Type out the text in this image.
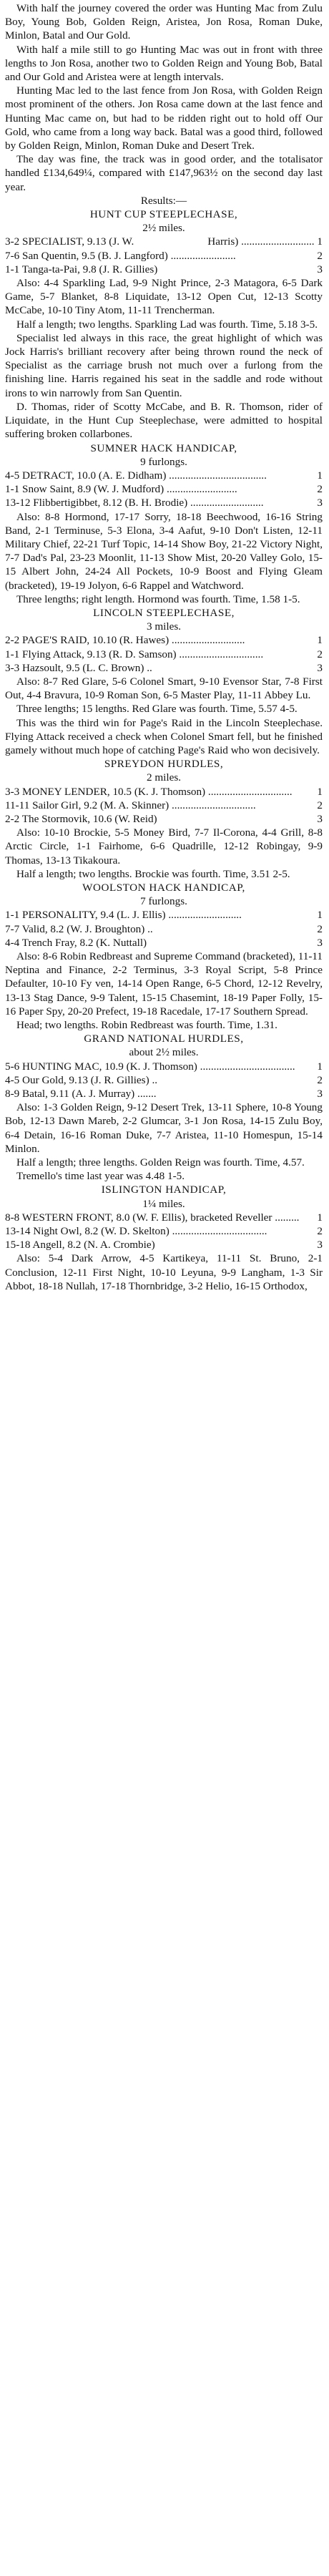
With half the journey covered the order was Hunting Mac from Zulu Boy, Young Bob, Golden Reign, Aristea, Jon Rosa, Roman Duke, Minlon, Batal and Our Gold.

With half a mile still to go Hunting Mac was out in front with three lengths to Jon Rosa, another two to Golden Reign and Young Bob, Batal and Our Gold and Aristea were at length intervals.

Hunting Mac led to the last fence from Jon Rosa, with Golden Reign most prominent of the others. Jon Rosa came down at the last fence and Hunting Mac came on, but had to be ridden right out to hold off Our Gold, who came from a long way back. Batal was a good third, followed by Golden Reign, Minlon, Roman Duke and Desert Trek.

The day was fine, the track was in good order, and the totalisator handled £134,649¼, compared with £147,963½ on the second day last year.

Results:—

HUNT CUP STEEPLECHASE,

2½ miles.

3-2 SPECIALIST, 9.13 (J. W.	Harris) ........................... 1
7-6 San Quentin, 9.5 (B. J. Langford) ........................	2
1-1 Tanga-ta-Pai, 9.8 (J. R. Gillies)	3

Also: 4-4 Sparkling Lad, 9-9 Night Prince, 2-3 Matagora, 6-5 Dark Game, 5-7 Blanket, 8-8 Liquidate, 13-12 Open Cut, 12-13 Scotty McCabe, 10-10 Tiny Atom, 11-11 Trencherman.

Half a length; two lengths. Sparkling Lad was fourth. Time, 5.18 3-5.

Specialist led always in this race, the great highlight of which was Jock Harris's brilliant recovery after being thrown round the neck of Specialist as the carriage brush not much over a furlong from the finishing line. Harris regained his seat in the saddle and rode without irons to win narrowly from San Quentin.

D. Thomas, rider of Scotty McCabe, and B. R. Thomson, rider of Liquidate, in the Hunt Cup Steeplechase, were admitted to hospital suffering broken collarbones.

SUMNER HACK HANDICAP,

9 furlongs.

4-5 DETRACT, 10.0 (A. E. Didham) ....................................	1
1-1 Snow Saint, 8.9 (W. J. Mudford) ..........................	2
13-12 Flibbertigibbet, 8.12 (B. H. Brodie) ...........................	3

Also: 8-8 Hormond, 17-17 Sorry, 18-18 Beechwood, 16-16 String Band, 2-1 Terminuse, 5-3 Elona, 3-4 Aafut, 9-10 Don't Listen, 12-11 Military Chief, 22-21 Turf Topic, 14-14 Show Boy, 21-22 Victory Night, 7-7 Dad's Pal, 23-23 Moonlit, 11-13 Show Mist, 20-20 Valley Golo, 15-15 Albert John, 24-24 All Pockets, 10-9 Boost and Flying Gleam (bracketed), 19-19 Jolyon, 6-6 Rappel and Watchword.

Three lengths; right length. Hormond was fourth. Time, 1.58 1-5.

LINCOLN STEEPLECHASE,

3 miles.

2-2 PAGE'S RAID, 10.10 (R. Hawes) ...........................	1
1-1 Flying Attack, 9.13 (R. D. Samson) ...............................	2
3-3 Hazsoult, 9.5 (L. C. Brown) ..	3

Also: 8-7 Red Glare, 5-6 Colonel Smart, 9-10 Evensor Star, 7-8 First Out, 4-4 Bravura, 10-9 Roman Son, 6-5 Master Play, 11-11 Abbey Lu.

Three lengths; 15 lengths. Red Glare was fourth. Time, 5.57 4-5.

This was the third win for Page's Raid in the Lincoln Steeplechase. Flying Attack received a check when Colonel Smart fell, but he finished gamely without much hope of catching Page's Raid who won decisively.

SPREYDON HURDLES,

2 miles.

3-3 MONEY LENDER, 10.5 (K. J. Thomson) ...............................	1
11-11 Sailor Girl, 9.2 (M. A. Skinner) ...............................	2
2-2 The Stormovik, 10.6 (W. Reid)	3

Also: 10-10 Brockie, 5-5 Money Bird, 7-7 Il-Corona, 4-4 Grill, 8-8 Arctic Circle, 1-1 Fairhome, 6-6 Quadrille, 12-12 Robingay, 9-9 Thomas, 13-13 Tikakoura.

Half a length; two lengths. Brockie was fourth. Time, 3.51 2-5.

WOOLSTON HACK HANDICAP,

7 furlongs.

1-1 PERSONALITY, 9.4 (L. J. Ellis) ...........................	1
7-7 Valid, 8.2 (W. J. Broughton) ..	2
4-4 Trench Fray, 8.2 (K. Nuttall)	3

Also: 8-6 Robin Redbreast and Supreme Command (bracketed), 11-11 Neptina and Finance, 2-2 Terminus, 3-3 Royal Script, 5-8 Prince Defaulter, 10-10 Fy ven, 14-14 Open Range, 6-5 Chord, 12-12 Revelry, 13-13 Stag Dance, 9-9 Talent, 15-15 Chasemint, 18-19 Paper Folly, 15-16 Paper Spy, 20-20 Prefect, 19-18 Racedale, 17-17 Southern Spread.

Head; two lengths. Robin Redbreast was fourth. Time, 1.31.

GRAND NATIONAL HURDLES,

about 2½ miles.

5-6 HUNTING MAC, 10.9 (K. J. Thomson) ...................................	1
4-5 Our Gold, 9.13 (J. R. Gillies) ..	2
8-9 Batal, 9.11 (A. J. Murray) .......	3

Also: 1-3 Golden Reign, 9-12 Desert Trek, 13-11 Sphere, 10-8 Young Bob, 12-13 Dawn Mareb, 2-2 Glumcar, 3-1 Jon Rosa, 14-15 Zulu Boy, 6-4 Detain, 16-16 Roman Duke, 7-7 Aristea, 11-10 Homespun, 15-14 Minlon.

Half a length; three lengths. Golden Reign was fourth. Time, 4.57.

Tremello's time last year was 4.48 1-5.

ISLINGTON HANDICAP,

1¼ miles.

8-8 WESTERN FRONT, 8.0 (W. F. Ellis), bracketed Reveller .........	1
13-14 Night Owl, 8.2 (W. D. Skelton) ...................................	2
15-18 Angell, 8.2 (N. A. Crombie)	3

Also: 5-4 Dark Arrow, 4-5 Kartikeya, 11-11 St. Bruno, 2-1 Conclusion, 12-11 First Night, 10-10 Leyuna, 9-9 Langham, 1-3 Sir Abbot, 18-18 Nullah, 17-18 Thornbridge, 3-2 Helio, 16-15 Orthodox,
